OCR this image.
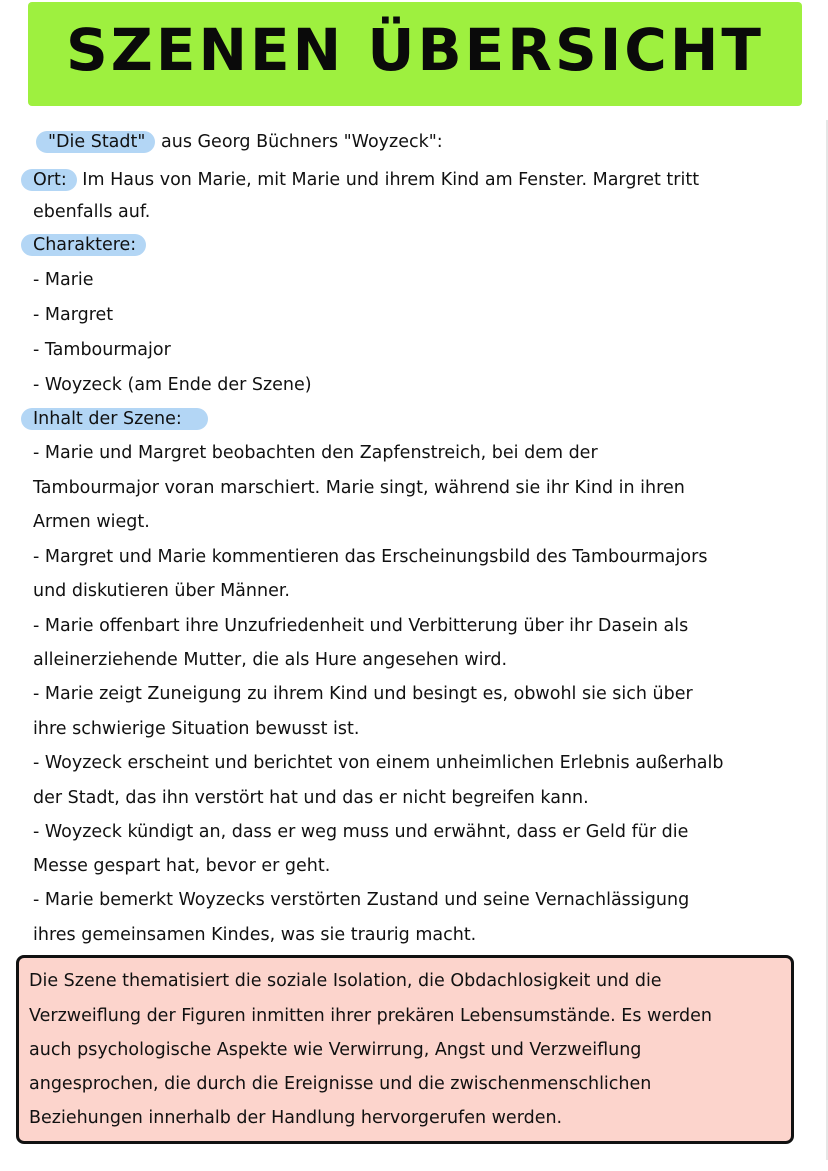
SZENEN ÜBERSICHT
"Die Stadt" aus Georg Büchners "Woyzeck":
Ort: Im Haus von Marie, mit Marie und ihrem Kind am Fenster. Margret tritt
ebenfalls auf.
Charaktere:
- Marie
- Margret
- Tambourmajor
- Woyzeck (am Ende der Szene)
Inhalt der Szene:
- Marie und Margret beobachten den Zapfenstreich, bei dem der
Tambourmajor voran marschiert. Marie singt, während sie ihr Kind in ihren
Armen wiegt.
- Margret und Marie kommentieren das Erscheinungsbild des Tambourmajors
und diskutieren über Männer.
- Marie offenbart ihre Unzufriedenheit und Verbitterung über ihr Dasein als
alleinerziehende Mutter, die als Hure angesehen wird.
- Marie zeigt Zuneigung zu ihrem Kind und besingt es, obwohl sie sich über
ihre schwierige Situation bewusst ist.
- Woyzeck erscheint und berichtet von einem unheimlichen Erlebnis außerhalb
der Stadt, das ihn verstört hat und das er nicht begreifen kann.
- Woyzeck kündigt an, dass er weg muss und erwähnt, dass er Geld für die
Messe gespart hat, bevor er geht.
- Marie bemerkt Woyzecks verstörten Zustand und seine Vernachlässigung
ihres gemeinsamen Kindes, was sie traurig macht.
Die Szene thematisiert die soziale Isolation, die Obdachlosigkeit und die
Verzweiflung der Figuren inmitten ihrer prekären Lebensumstände. Es werden
auch psychologische Aspekte wie Verwirrung, Angst und Verzweiflung
angesprochen, die durch die Ereignisse und die zwischenmenschlichen
Beziehungen innerhalb der Handlung hervorgerufen werden.
